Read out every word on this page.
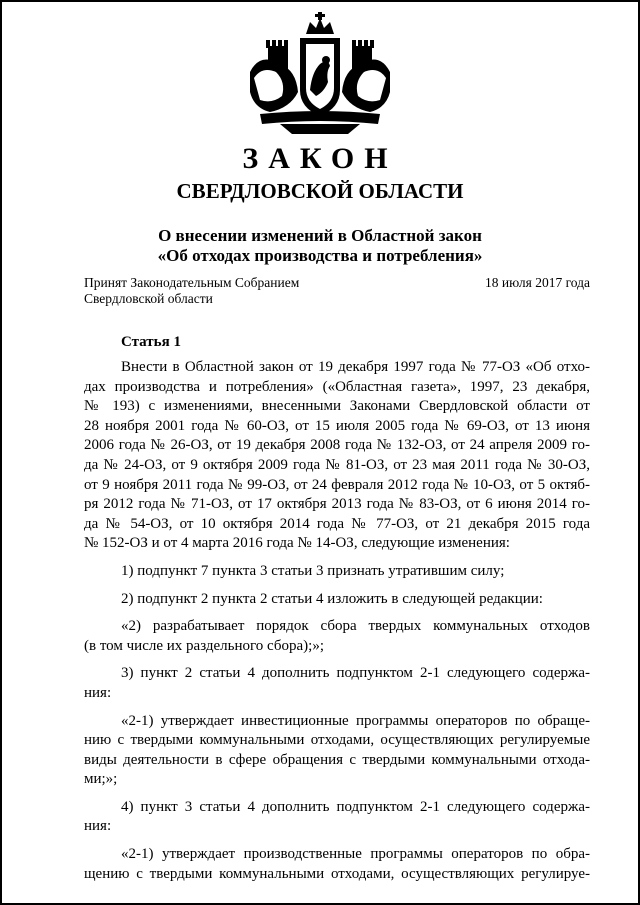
ЗАКОН
СВЕРДЛОВСКОЙ ОБЛАСТИ
О внесении изменений в Областной закон
«Об отходах производства и потребления»
Принят Законодательным Собранием
Свердловской области
18 июля 2017 года
Статья 1
Внести в Областной закон от 19 декабря 1997 года № 77-ОЗ «Об отхо-
дах производства и потребления» («Областная газета», 1997, 23 декабря,
№ 193) с изменениями, внесенными Законами Свердловской области от
28 ноября 2001 года № 60-ОЗ, от 15 июля 2005 года № 69-ОЗ, от 13 июня
2006 года № 26-ОЗ, от 19 декабря 2008 года № 132-ОЗ, от 24 апреля 2009 го-
да № 24-ОЗ, от 9 октября 2009 года № 81-ОЗ, от 23 мая 2011 года № 30-ОЗ,
от 9 ноября 2011 года № 99-ОЗ, от 24 февраля 2012 года № 10-ОЗ, от 5 октяб-
ря 2012 года № 71-ОЗ, от 17 октября 2013 года № 83-ОЗ, от 6 июня 2014 го-
да № 54-ОЗ, от 10 октября 2014 года № 77-ОЗ, от 21 декабря 2015 года
№ 152-ОЗ и от 4 марта 2016 года № 14-ОЗ, следующие изменения:
1) подпункт 7 пункта 3 статьи 3 признать утратившим силу;
2) подпункт 2 пункта 2 статьи 4 изложить в следующей редакции:
«2) разрабатывает порядок сбора твердых коммунальных отходов
(в том числе их раздельного сбора);»;
3) пункт 2 статьи 4 дополнить подпунктом 2-1 следующего содержа-
ния:
«2-1) утверждает инвестиционные программы операторов по обраще-
нию с твердыми коммунальными отходами, осуществляющих регулируемые
виды деятельности в сфере обращения с твердыми коммунальными отхода-
ми;»;
4) пункт 3 статьи 4 дополнить подпунктом 2-1 следующего содержа-
ния:
«2-1) утверждает производственные программы операторов по обра-
щению с твердыми коммунальными отходами, осуществляющих регулируе-
